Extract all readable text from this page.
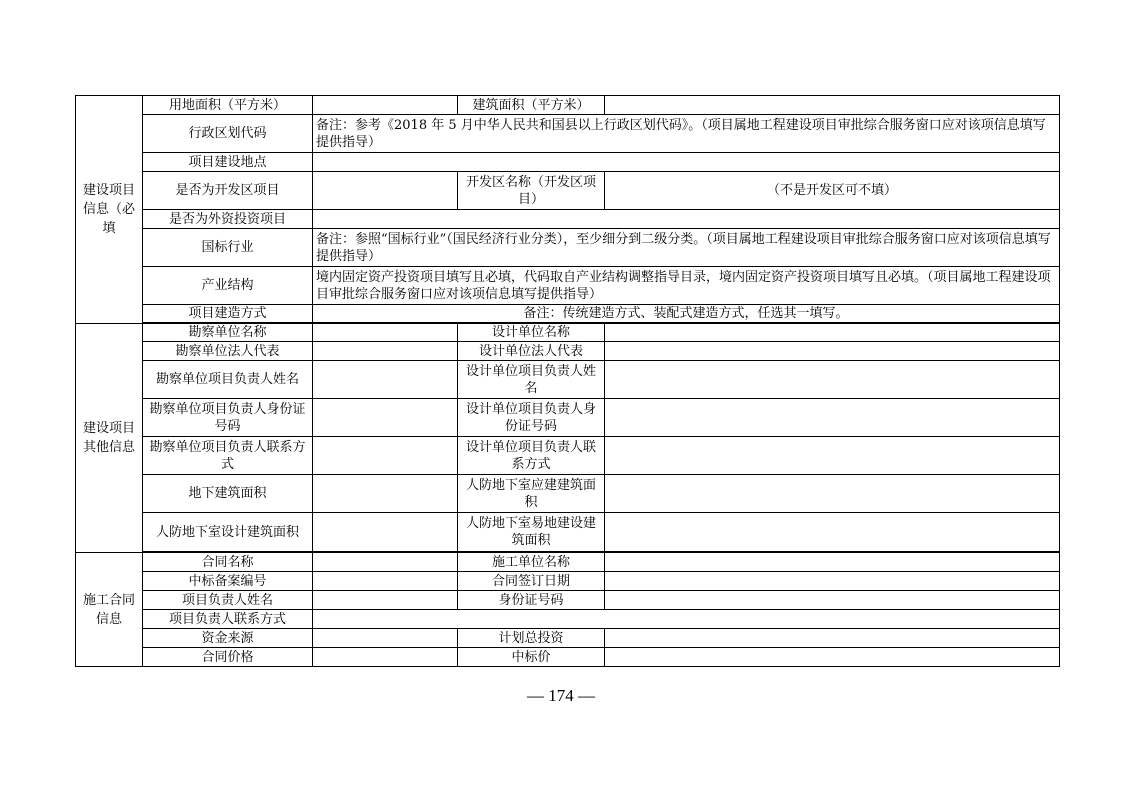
建设项目信息（必填	用地面积（平方米）		建筑面积（平方米）	
	行政区划代码	备注：参考《2018 年 5 月中华人民共和国县以上行政区划代码》。（项目属地工程建设项目审批综合服务窗口应对该项信息填写提供指导）		
	项目建设地点			
	是否为开发区项目		开发区名称（开发区项目）	（不是开发区可不填）
	是否为外资投资项目			
	国标行业	备注：参照“国标行业”（国民经济行业分类），至少细分到二级分类。（项目属地工程建设项目审批综合服务窗口应对该项信息填写提供指导）		
	产业结构	境内固定资产投资项目填写且必填，代码取自产业结构调整指导目录，境内固定资产投资项目填写且必填。（项目属地工程建设项目审批综合服务窗口应对该项信息填写提供指导）		
	项目建造方式	备注：传统建造方式、装配式建造方式，任选其一填写。		

建设项目其他信息	勘察单位名称		设计单位名称	
	勘察单位法人代表		设计单位法人代表	
	勘察单位项目负责人姓名		设计单位项目负责人姓名	
	勘察单位项目负责人身份证号码		设计单位项目负责人身份证号码	
	勘察单位项目负责人联系方式		设计单位项目负责人联系方式	
	地下建筑面积		人防地下室应建建筑面积	
	人防地下室设计建筑面积		人防地下室易地建设建筑面积	

施工合同信息	合同名称		施工单位名称	
	中标备案编号		合同签订日期	
	项目负责人姓名		身份证号码	
	项目负责人联系方式			
	资金来源		计划总投资	
	合同价格		中标价	
— 174 —
